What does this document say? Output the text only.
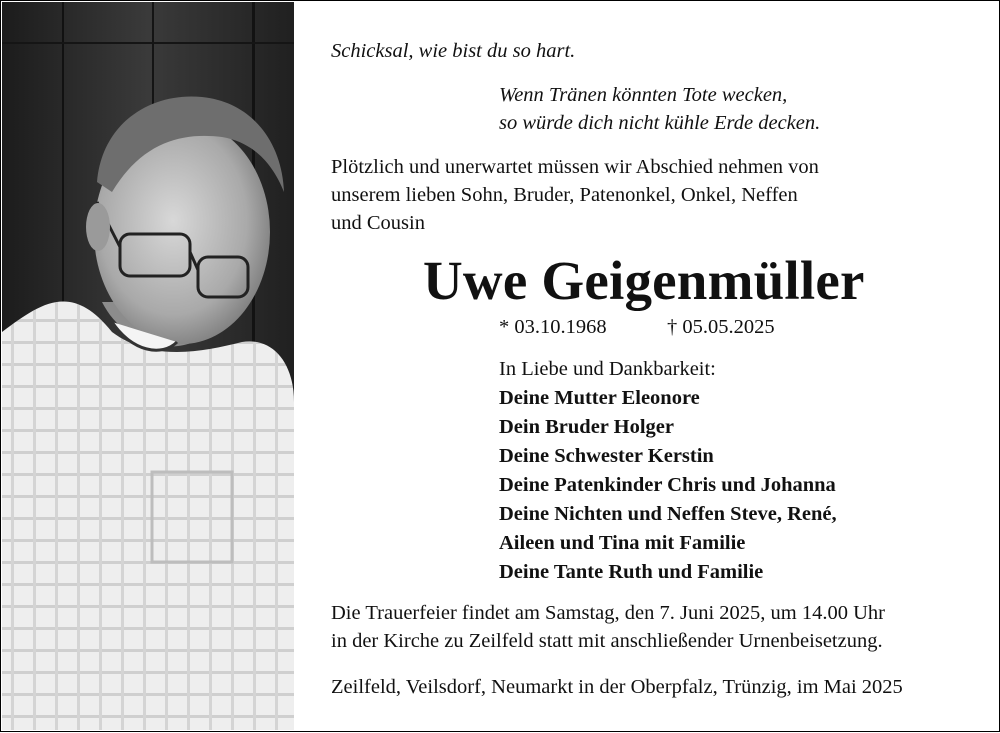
Schicksal, wie bist du so hart.
Wenn Tränen könnten Tote wecken,
so würde dich nicht kühle Erde decken.
Plötzlich und unerwartet müssen wir Abschied nehmen von
unserem lieben Sohn, Bruder, Patenonkel, Onkel, Neffen
und Cousin
Uwe Geigenmüller
* 03.10.1968	† 05.05.2025
In Liebe und Dankbarkeit:
Deine Mutter Eleonore
Dein Bruder Holger
Deine Schwester Kerstin
Deine Patenkinder Chris und Johanna
Deine Nichten und Neffen Steve, René,
Aileen und Tina mit Familie
Deine Tante Ruth und Familie
Die Trauerfeier findet am Samstag, den 7. Juni 2025, um 14.00 Uhr
in der Kirche zu Zeilfeld statt mit anschließender Urnenbeisetzung.
Zeilfeld, Veilsdorf, Neumarkt in der Oberpfalz, Trünzig, im Mai 2025
